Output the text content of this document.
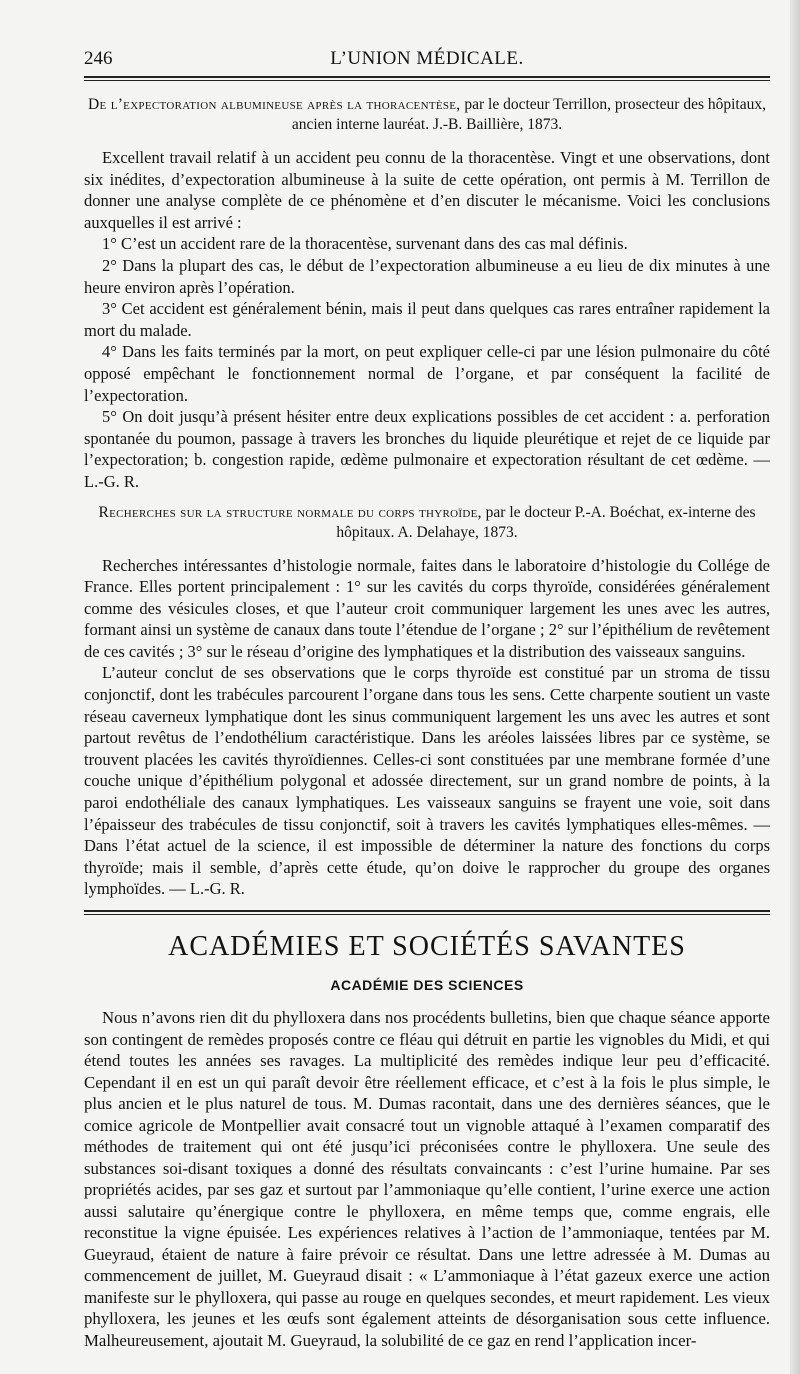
246	L’UNION MÉDICALE.
De l’expectoration albumineuse après la thoracentèse, par le docteur Terrillon, prosecteur des hôpitaux, ancien interne lauréat. J.-B. Baillière, 1873.

Excellent travail relatif à un accident peu connu de la thoracentèse. Vingt et une observations, dont six inédites, d’expectoration albumineuse à la suite de cette opération, ont permis à M. Terrillon de donner une analyse complète de ce phénomène et d’en discuter le mécanisme. Voici les conclusions auxquelles il est arrivé :

1° C’est un accident rare de la thoracentèse, survenant dans des cas mal définis.

2° Dans la plupart des cas, le début de l’expectoration albumineuse a eu lieu de dix minutes à une heure environ après l’opération.

3° Cet accident est généralement bénin, mais il peut dans quelques cas rares entraîner rapidement la mort du malade.

4° Dans les faits terminés par la mort, on peut expliquer celle-ci par une lésion pulmonaire du côté opposé empêchant le fonctionnement normal de l’organe, et par conséquent la facilité de l’expectoration.

5° On doit jusqu’à présent hésiter entre deux explications possibles de cet accident : a. perforation spontanée du poumon, passage à travers les bronches du liquide pleurétique et rejet de ce liquide par l’expectoration; b. congestion rapide, œdème pulmonaire et expectoration résultant de cet œdème. — L.-G. R.

Recherches sur la structure normale du corps thyroïde, par le docteur P.-A. Boéchat, ex-interne des hôpitaux. A. Delahaye, 1873.

Recherches intéressantes d’histologie normale, faites dans le laboratoire d’histologie du Collége de France. Elles portent principalement : 1° sur les cavités du corps thyroïde, considérées généralement comme des vésicules closes, et que l’auteur croit communiquer largement les unes avec les autres, formant ainsi un système de canaux dans toute l’étendue de l’organe ; 2° sur l’épithélium de revêtement de ces cavités ; 3° sur le réseau d’origine des lymphatiques et la distribution des vaisseaux sanguins.

L’auteur conclut de ses observations que le corps thyroïde est constitué par un stroma de tissu conjonctif, dont les trabécules parcourent l’organe dans tous les sens. Cette charpente soutient un vaste réseau caverneux lymphatique dont les sinus communiquent largement les uns avec les autres et sont partout revêtus de l’endothélium caractéristique. Dans les aréoles laissées libres par ce système, se trouvent placées les cavités thyroïdiennes. Celles-ci sont constituées par une membrane formée d’une couche unique d’épithélium polygonal et adossée directement, sur un grand nombre de points, à la paroi endothéliale des canaux lymphatiques. Les vaisseaux sanguins se frayent une voie, soit dans l’épaisseur des trabécules de tissu conjonctif, soit à travers les cavités lymphatiques elles-mêmes. — Dans l’état actuel de la science, il est impossible de déterminer la nature des fonctions du corps thyroïde; mais il semble, d’après cette étude, qu’on doive le rapprocher du groupe des organes lymphoïdes. — L.-G. R.

ACADÉMIES ET SOCIÉTÉS SAVANTES
ACADÉMIE DES SCIENCES

Nous n’avons rien dit du phylloxera dans nos procédents bulletins, bien que chaque séance apporte son contingent de remèdes proposés contre ce fléau qui détruit en partie les vignobles du Midi, et qui étend toutes les années ses ravages. La multiplicité des remèdes indique leur peu d’efficacité. Cependant il en est un qui paraît devoir être réellement efficace, et c’est à la fois le plus simple, le plus ancien et le plus naturel de tous. M. Dumas racontait, dans une des dernières séances, que le comice agricole de Montpellier avait consacré tout un vignoble attaqué à l’examen comparatif des méthodes de traitement qui ont été jusqu’ici préconisées contre le phylloxera. Une seule des substances soi-disant toxiques a donné des résultats convaincants : c’est l’urine humaine. Par ses propriétés acides, par ses gaz et surtout par l’ammoniaque qu’elle contient, l’urine exerce une action aussi salutaire qu’énergique contre le phylloxera, en même temps que, comme engrais, elle reconstitue la vigne épuisée. Les expériences relatives à l’action de l’ammoniaque, tentées par M. Gueyraud, étaient de nature à faire prévoir ce résultat. Dans une lettre adressée à M. Dumas au commencement de juillet, M. Gueyraud disait : « L’ammoniaque à l’état gazeux exerce une action manifeste sur le phylloxera, qui passe au rouge en quelques secondes, et meurt rapidement. Les vieux phylloxera, les jeunes et les œufs sont également atteints de désorganisation sous cette influence. Malheureusement, ajoutait M. Gueyraud, la solubilité de ce gaz en rend l’application incer-
